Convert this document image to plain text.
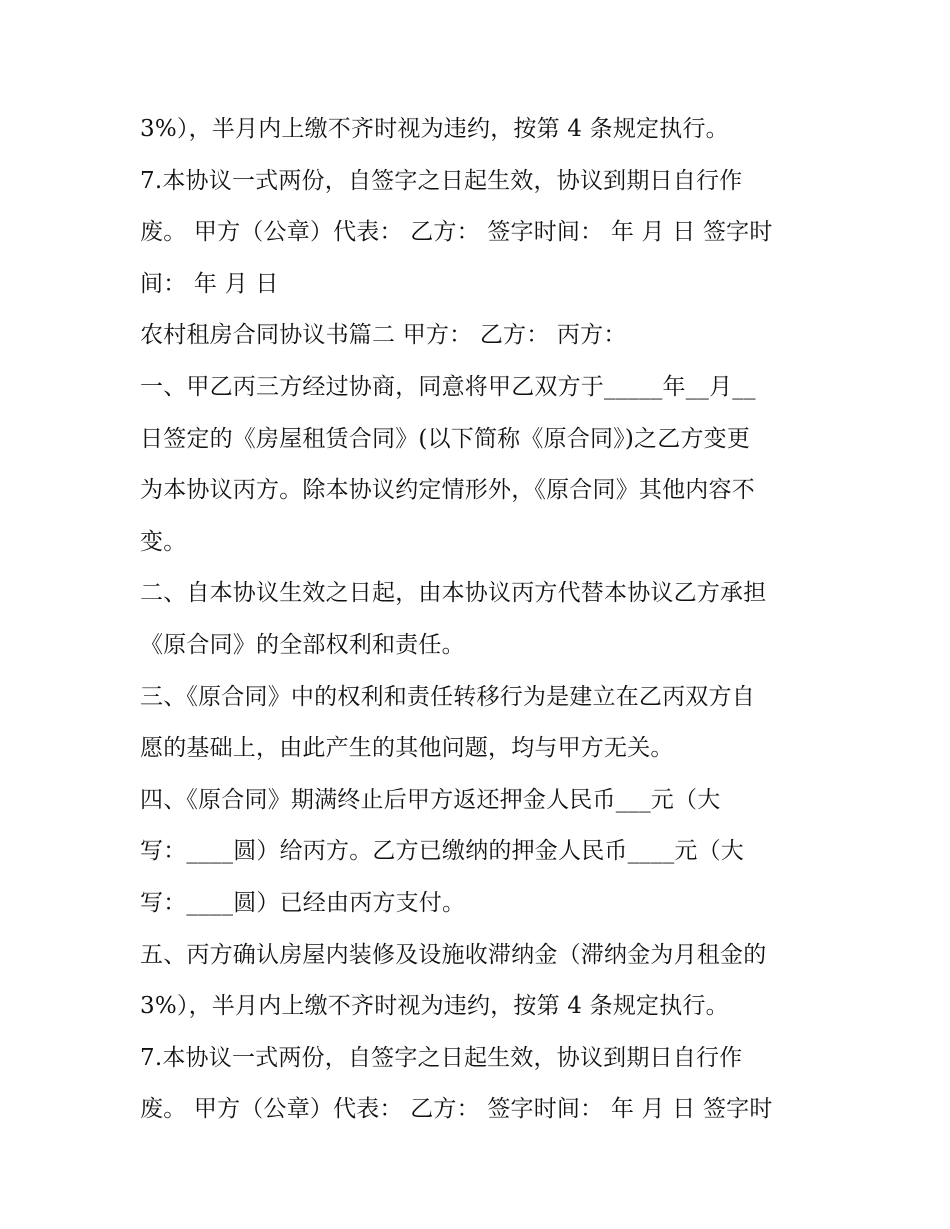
3%），半月内上缴不齐时视为违约，按第 4 条规定执行。
7.本协议一式两份，自签字之日起生效，协议到期日自行作
废。 甲方（公章）代表： 乙方： 签字时间： 年 月 日 签字时
间： 年 月 日
农村租房合同协议书篇二 甲方： 乙方： 丙方：
一、甲乙丙三方经过协商，同意将甲乙双方于_____年__月__
日签定的《房屋租赁合同》(以下简称《原合同》)之乙方变更
为本协议丙方。除本协议约定情形外，《原合同》其他内容不
变。
二、自本协议生效之日起，由本协议丙方代替本协议乙方承担
《原合同》的全部权利和责任。
三、《原合同》中的权利和责任转移行为是建立在乙丙双方自
愿的基础上，由此产生的其他问题，均与甲方无关。
四、《原合同》期满终止后甲方返还押金人民币___元（大
写：____圆）给丙方。乙方已缴纳的押金人民币____元（大
写：____圆）已经由丙方支付。
五、丙方确认房屋内装修及设施收滞纳金（滞纳金为月租金的
3%），半月内上缴不齐时视为违约，按第 4 条规定执行。
7.本协议一式两份，自签字之日起生效，协议到期日自行作
废。 甲方（公章）代表： 乙方： 签字时间： 年 月 日 签字时
